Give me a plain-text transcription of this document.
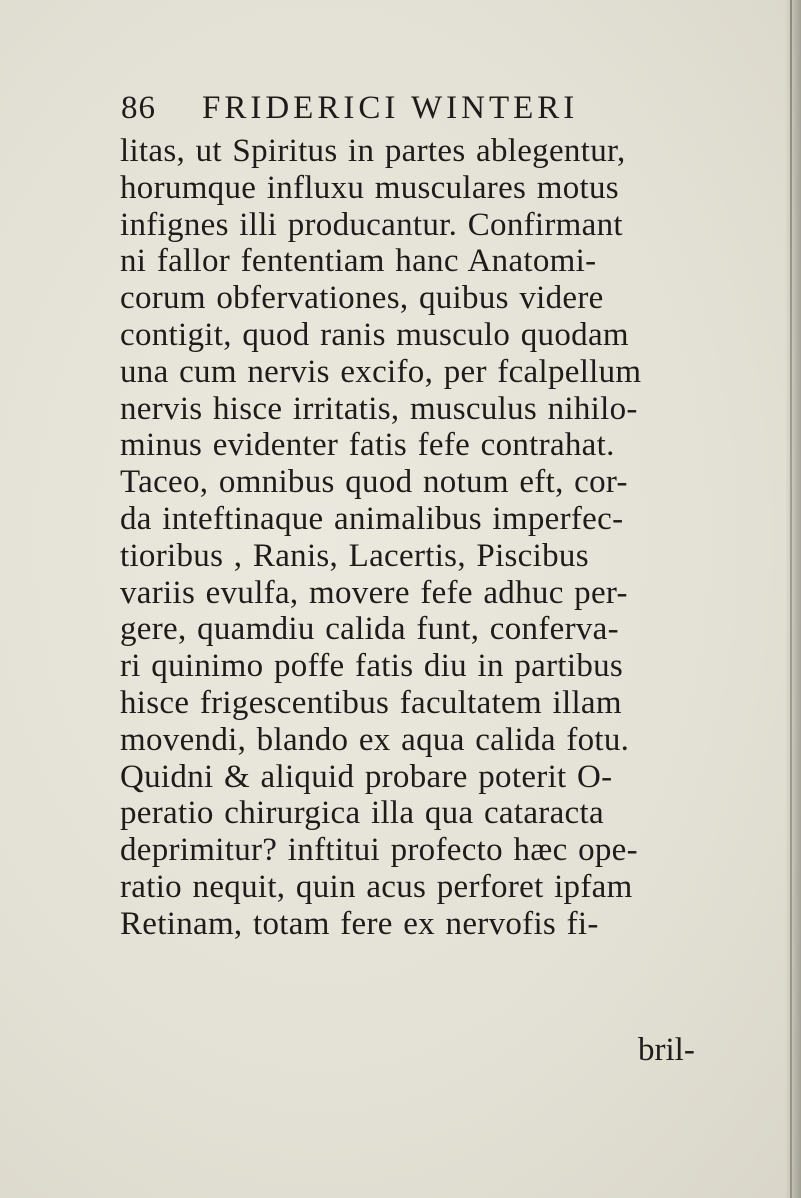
86 FRIDERICI WINTERI
litas, ut Spiritus in partes ablegentur,
horumque influxu musculares motus
infignes illi producantur. Confirmant
ni fallor fententiam hanc Anatomi-
corum obfervationes, quibus videre
contigit, quod ranis musculo quodam
una cum nervis excifo, per fcalpellum
nervis hisce irritatis, musculus nihilo-
minus evidenter fatis fefe contrahat.
Taceo, omnibus quod notum eft, cor-
da inteftinaque animalibus imperfec-
tioribus , Ranis, Lacertis, Piscibus
variis evulfa, movere fefe adhuc per-
gere, quamdiu calida funt, conferva-
ri quinimo poffe fatis diu in partibus
hisce frigescentibus facultatem illam
movendi, blando ex aqua calida fotu.
Quidni & aliquid probare poterit O-
peratio chirurgica illa qua cataracta
deprimitur? inftitui profecto hæc ope-
ratio nequit, quin acus perforet ipfam
Retinam, totam fere ex nervofis fi-
bril-
